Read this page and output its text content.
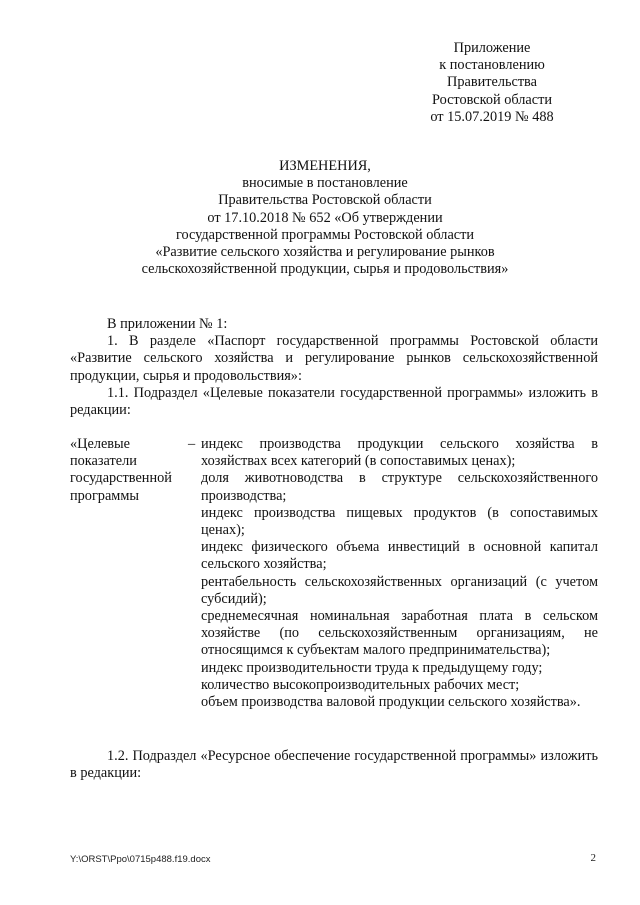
Приложение
к постановлению
Правительства
Ростовской области
от 15.07.2019 № 488
ИЗМЕНЕНИЯ,
вносимые в постановление
Правительства Ростовской области
от 17.10.2018 № 652 «Об утверждении
государственной программы Ростовской области
«Развитие сельского хозяйства и регулирование рынков
сельскохозяйственной продукции, сырья и продовольствия»

В приложении № 1:

1. В разделе «Паспорт государственной программы Ростовской области «Развитие сельского хозяйства и регулирование рынков сельскохозяйственной продукции, сырья и продовольствия»:

1.1. Подраздел «Целевые показатели государственной программы» изложить в редакции:

«Целевые показатели государственной программы
– индекс производства продукции сельского хозяйства в хозяйствах всех категорий (в сопоставимых ценах);

доля животноводства в структуре сельскохозяйственного производства;

индекс производства пищевых продуктов (в сопоставимых ценах);

индекс физического объема инвестиций в основной капитал сельского хозяйства;

рентабельность сельскохозяйственных организаций (с учетом субсидий);

среднемесячная номинальная заработная плата в сельском хозяйстве (по сельскохозяйственным организациям, не относящимся к субъектам малого предпринимательства);

индекс производительности труда к предыдущему году;

количество высокопроизводительных рабочих мест;

объем производства валовой продукции сельского хозяйства».

1.2. Подраздел «Ресурсное обеспечение государственной программы» изложить в редакции:

Y:\ORST\Ppo\0715p488.f19.docx	2
